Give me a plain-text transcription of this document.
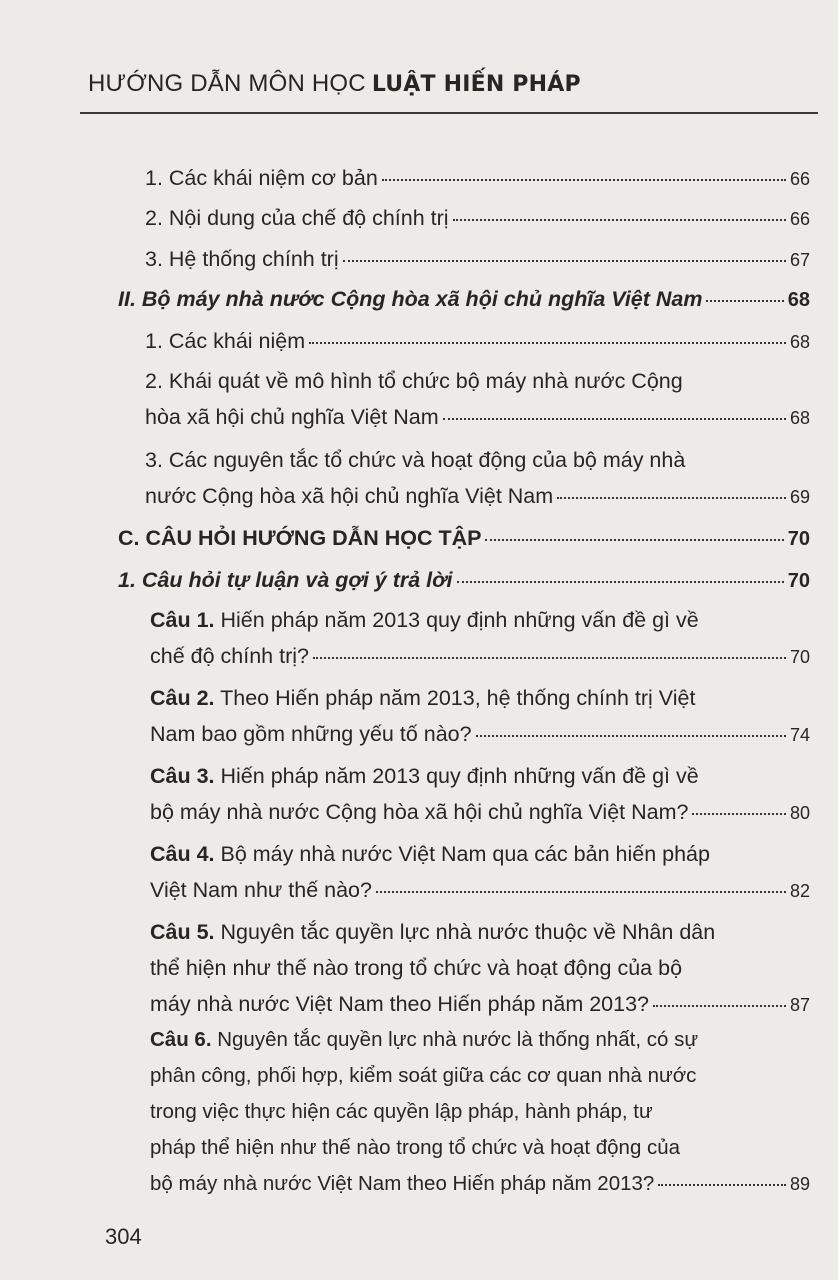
HƯỚNG DẪN MÔN HỌC LUẬT HIẾN PHÁP
1. Các khái niệm cơ bản	66
2. Nội dung của chế độ chính trị	66
3. Hệ thống chính trị	67
II. Bộ máy nhà nước Cộng hòa xã hội chủ nghĩa Việt Nam	68
1. Các khái niệm	68
2. Khái quát về mô hình tổ chức bộ máy nhà nước Cộng
hòa xã hội chủ nghĩa Việt Nam	68
3. Các nguyên tắc tổ chức và hoạt động của bộ máy nhà
nước Cộng hòa xã hội chủ nghĩa Việt Nam	69
C. CÂU HỎI HƯỚNG DẪN HỌC TẬP	70
1. Câu hỏi tự luận và gợi ý trả lời	70
Câu 1. Hiến pháp năm 2013 quy định những vấn đề gì về
chế độ chính trị?	70
Câu 2. Theo Hiến pháp năm 2013, hệ thống chính trị Việt
Nam bao gồm những yếu tố nào?	74
Câu 3. Hiến pháp năm 2013 quy định những vấn đề gì về
bộ máy nhà nước Cộng hòa xã hội chủ nghĩa Việt Nam?	80
Câu 4. Bộ máy nhà nước Việt Nam qua các bản hiến pháp
Việt Nam như thế nào?	82
Câu 5. Nguyên tắc quyền lực nhà nước thuộc về Nhân dân
thể hiện như thế nào trong tổ chức và hoạt động của bộ
máy nhà nước Việt Nam theo Hiến pháp năm 2013?	87
Câu 6. Nguyên tắc quyền lực nhà nước là thống nhất, có sự
phân công, phối hợp, kiểm soát giữa các cơ quan nhà nước
trong việc thực hiện các quyền lập pháp, hành pháp, tư
pháp thể hiện như thế nào trong tổ chức và hoạt động của
bộ máy nhà nước Việt Nam theo Hiến pháp năm 2013?	89
304
